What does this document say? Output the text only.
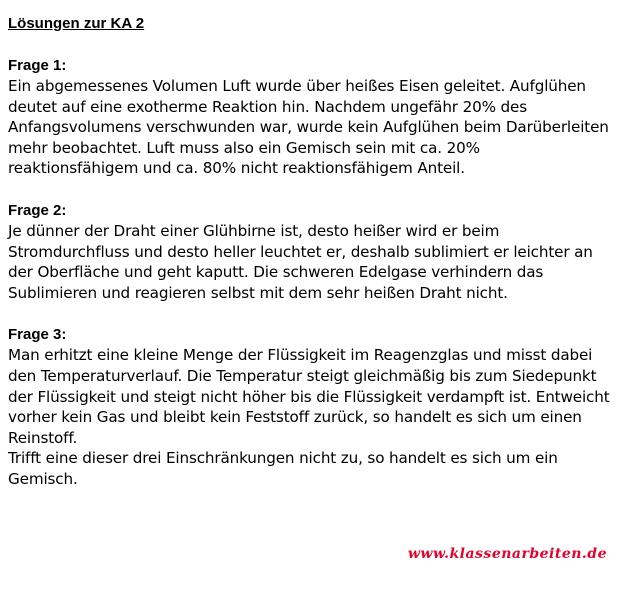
Lösungen zur KA 2
Frage 1:

Ein abgemessenes Volumen Luft wurde über heißes Eisen geleitet. Aufglühen deutet auf eine exotherme Reaktion hin. Nachdem ungefähr 20% des Anfangsvolumens verschwunden war, wurde kein Aufglühen beim Darüberleiten mehr beobachtet. Luft muss also ein Gemisch sein mit ca. 20% reaktionsfähigem und ca. 80% nicht reaktionsfähigem Anteil.

Frage 2:

Je dünner der Draht einer Glühbirne ist, desto heißer wird er beim Stromdurchfluss und desto heller leuchtet er, deshalb sublimiert er leichter an der Oberfläche und geht kaputt. Die schweren Edelgase verhindern das Sublimieren und reagieren selbst mit dem sehr heißen Draht nicht.

Frage 3:

Man erhitzt eine kleine Menge der Flüssigkeit im Reagenzglas und misst dabei den Temperaturverlauf. Die Temperatur steigt gleichmäßig bis zum Siedepunkt der Flüssigkeit und steigt nicht höher bis die Flüssigkeit verdampft ist. Entweicht vorher kein Gas und bleibt kein Feststoff zurück, so handelt es sich um einen Reinstoff.

Trifft eine dieser drei Einschränkungen nicht zu, so handelt es sich um ein Gemisch.

www.klassenarbeiten.de
